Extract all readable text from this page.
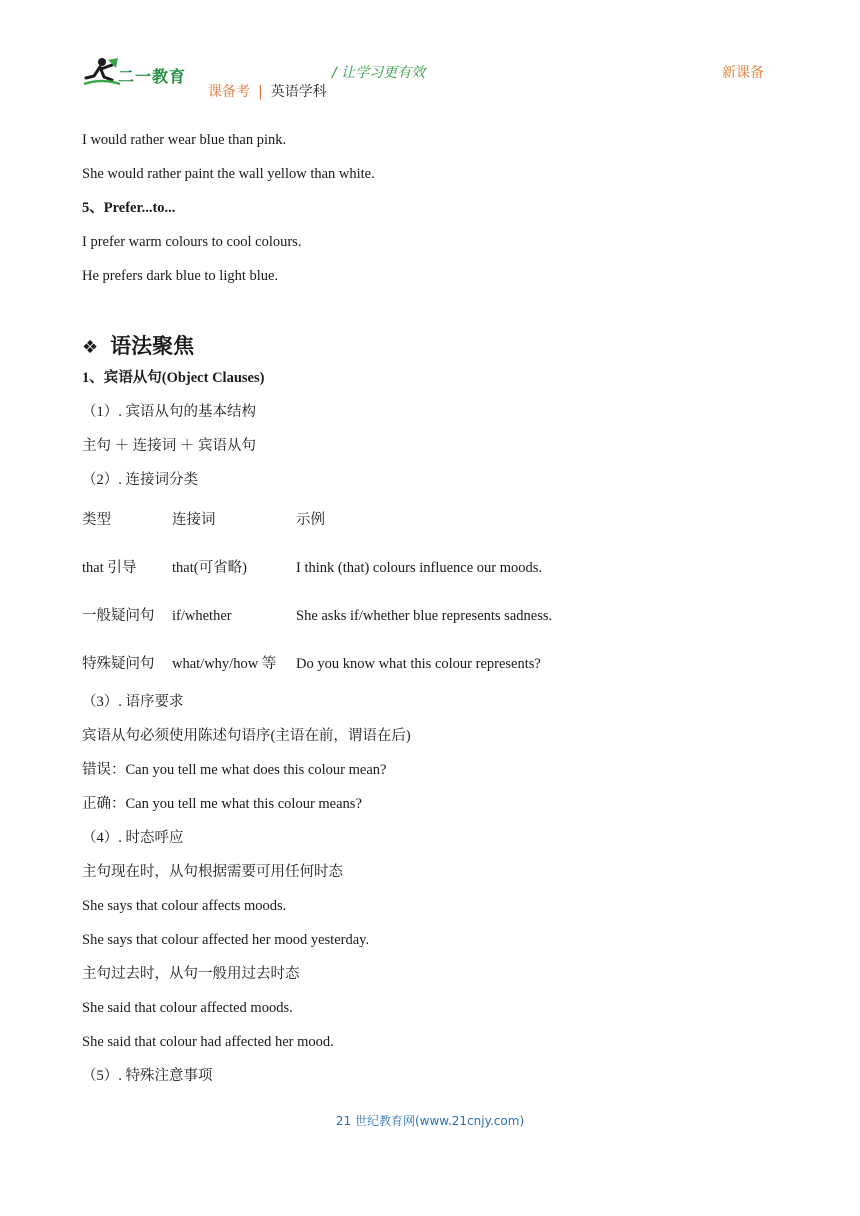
二一教育	/ 让学习更有效	新课备
课备考 | 英语学科
I would rather wear blue than pink.
She would rather paint the wall yellow than white.
5、Prefer...to...
I prefer warm colours to cool colours.
He prefers dark blue to light blue.
❖ 语法聚焦
1、宾语从句(Object Clauses)
（1）. 宾语从句的基本结构
主句 ＋ 连接词 ＋ 宾语从句
（2）. 连接词分类
类型	连接词	示例
that 引导	that(可省略)	I think (that) colours influence our moods.
一般疑问句	if/whether	She asks if/whether blue represents sadness.
特殊疑问句	what/why/how 等	Do you know what this colour represents?
（3）. 语序要求
宾语从句必须使用陈述句语序(主语在前，谓语在后)
错误：Can you tell me what does this colour mean?
正确：Can you tell me what this colour means?
（4）. 时态呼应
主句现在时，从句根据需要可用任何时态
She says that colour affects moods.
She says that colour affected her mood yesterday.
主句过去时，从句一般用过去时态
She said that colour affected moods.
She said that colour had affected her mood.
（5）. 特殊注意事项
21 世纪教育网(www.21cnjy.com)
